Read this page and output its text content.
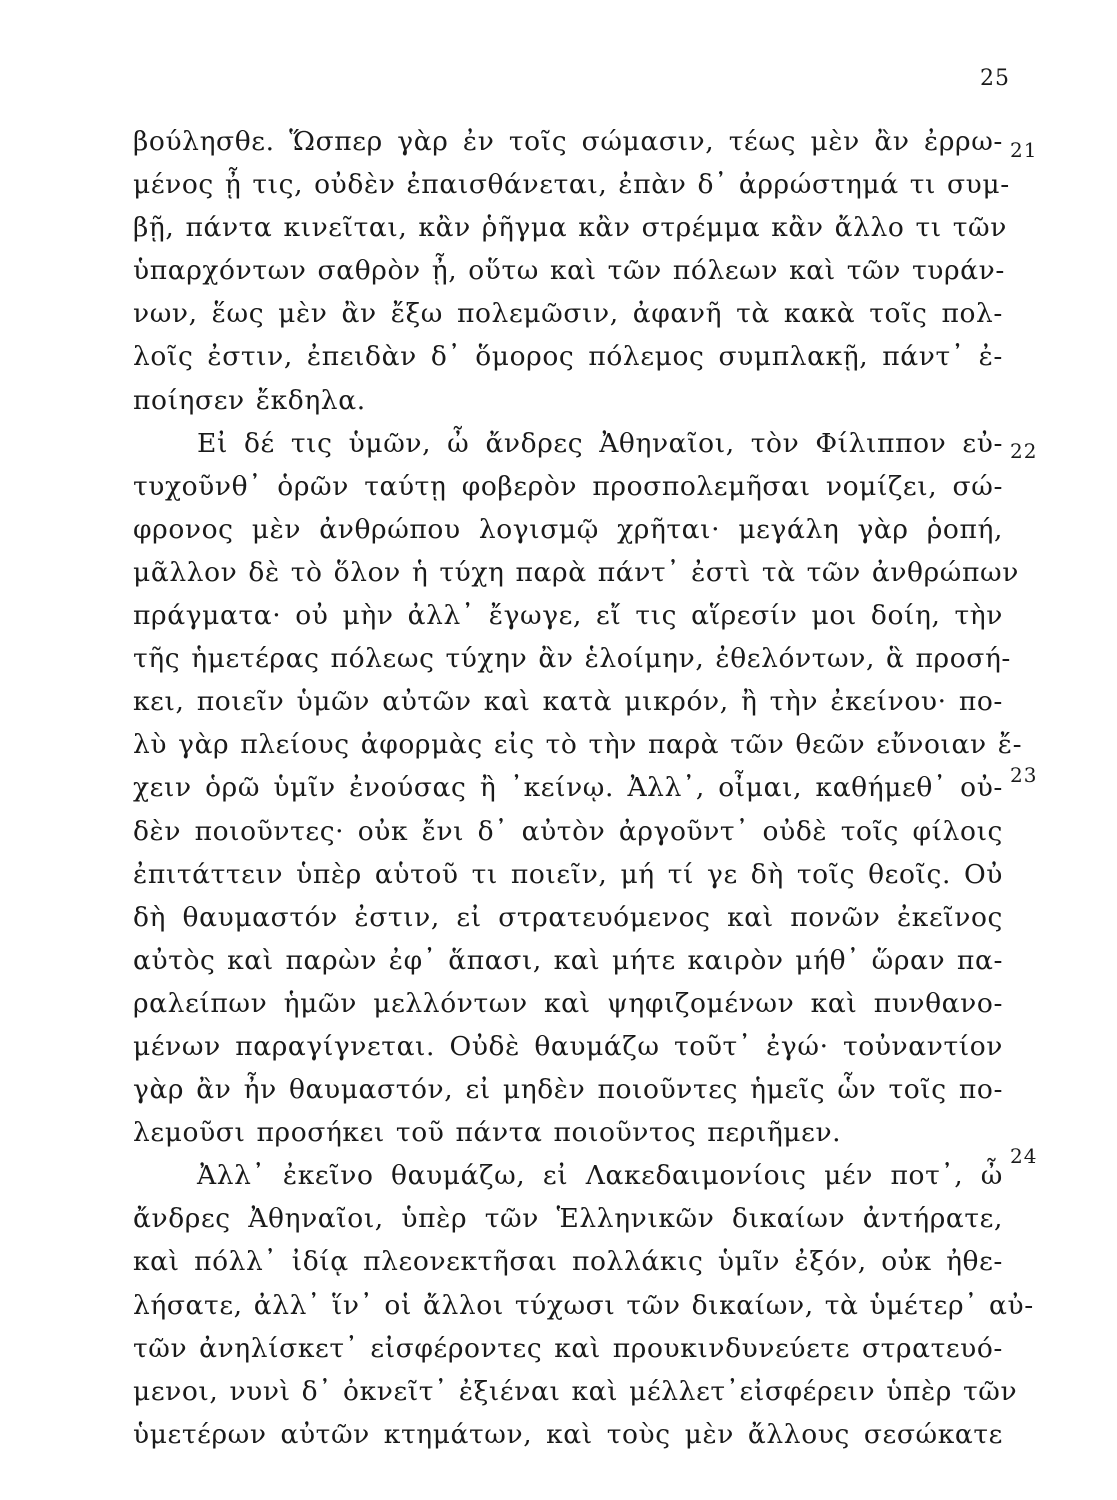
25
βούλησθε. Ὥσπερ γὰρ ἐν τοῖς σώμασιν, τέως μὲν ἂν ἐρρω-
μένος ᾖ τις, οὐδὲν ἐπαισθάνεται, ἐπὰν δ᾽ ἀρρώστημά τι συμ-
βῇ, πάντα κινεῖται, κἂν ῥῆγμα κἂν στρέμμα κἂν ἄλλο τι τῶν
ὑπαρχόντων σαθρὸν ᾖ, οὕτω καὶ τῶν πόλεων καὶ τῶν τυράν-
νων, ἕως μὲν ἂν ἔξω πολεμῶσιν, ἀφανῆ τὰ κακὰ τοῖς πολ-
λοῖς ἐστιν, ἐπειδὰν δ᾽ ὅμορος πόλεμος συμπλακῇ, πάντ᾽ ἐ-
ποίησεν ἔκδηλα.
Εἰ δέ τις ὑμῶν, ὦ ἄνδρες Ἀθηναῖοι, τὸν Φίλιππον εὐ-
τυχοῦνθ᾽ ὁρῶν ταύτῃ φοβερὸν προσπολεμῆσαι νομίζει, σώ-
φρονος μὲν ἀνθρώπου λογισμῷ χρῆται· μεγάλη γὰρ ῥοπή,
μᾶλλον δὲ τὸ ὅλον ἡ τύχη παρὰ πάντ᾽ ἐστὶ τὰ τῶν ἀνθρώπων
πράγματα· οὐ μὴν ἀλλ᾽ ἔγωγε, εἴ τις αἵρεσίν μοι δοίη, τὴν
τῆς ἡμετέρας πόλεως τύχην ἂν ἑλοίμην, ἐθελόντων, ἃ προσή-
κει, ποιεῖν ὑμῶν αὐτῶν καὶ κατὰ μικρόν, ἢ τὴν ἐκείνου· πο-
λὺ γὰρ πλείους ἀφορμὰς εἰς τὸ τὴν παρὰ τῶν θεῶν εὔνοιαν ἔ-
χειν ὁρῶ ὑμῖν ἐνούσας ἢ ᾽κείνῳ. Ἀλλ᾽, οἶμαι, καθήμεθ᾽ οὐ-
δὲν ποιοῦντες· οὐκ ἔνι δ᾽ αὐτὸν ἀργοῦντ᾽ οὐδὲ τοῖς φίλοις
ἐπιτάττειν ὑπὲρ αὑτοῦ τι ποιεῖν, μή τί γε δὴ τοῖς θεοῖς. Οὐ
δὴ θαυμαστόν ἐστιν, εἰ στρατευόμενος καὶ πονῶν ἐκεῖνος
αὐτὸς καὶ παρὼν ἐφ᾽ ἅπασι, καὶ μήτε καιρὸν μήθ᾽ ὥραν πα-
ραλείπων ἡμῶν μελλόντων καὶ ψηφιζομένων καὶ πυνθανο-
μένων παραγίγνεται. Οὐδὲ θαυμάζω τοῦτ᾽ ἐγώ· τοὐναντίον
γὰρ ἂν ἦν θαυμαστόν, εἰ μηδὲν ποιοῦντες ἡμεῖς ὧν τοῖς πο-
λεμοῦσι προσήκει τοῦ πάντα ποιοῦντος περιῆμεν.
Ἀλλ᾽ ἐκεῖνο θαυμάζω, εἰ Λακεδαιμονίοις μέν ποτ᾽, ὦ
ἄνδρες Ἀθηναῖοι, ὑπὲρ τῶν Ἑλληνικῶν δικαίων ἀντήρατε,
καὶ πόλλ᾽ ἰδίᾳ πλεονεκτῆσαι πολλάκις ὑμῖν ἐξόν, οὐκ ἠθε-
λήσατε, ἀλλ᾽ ἵν᾽ οἱ ἄλλοι τύχωσι τῶν δικαίων, τὰ ὑμέτερ᾽ αὐ-
τῶν ἀνηλίσκετ᾽ εἰσφέροντες καὶ προυκινδυνεύετε στρατευό-
μενοι, νυνὶ δ᾽ ὀκνεῖτ᾽ ἐξιέναι καὶ μέλλετ᾽εἰσφέρειν ὑπὲρ τῶν
ὑμετέρων αὐτῶν κτημάτων, καὶ τοὺς μὲν ἄλλους σεσώκατε
21
22
23
24
